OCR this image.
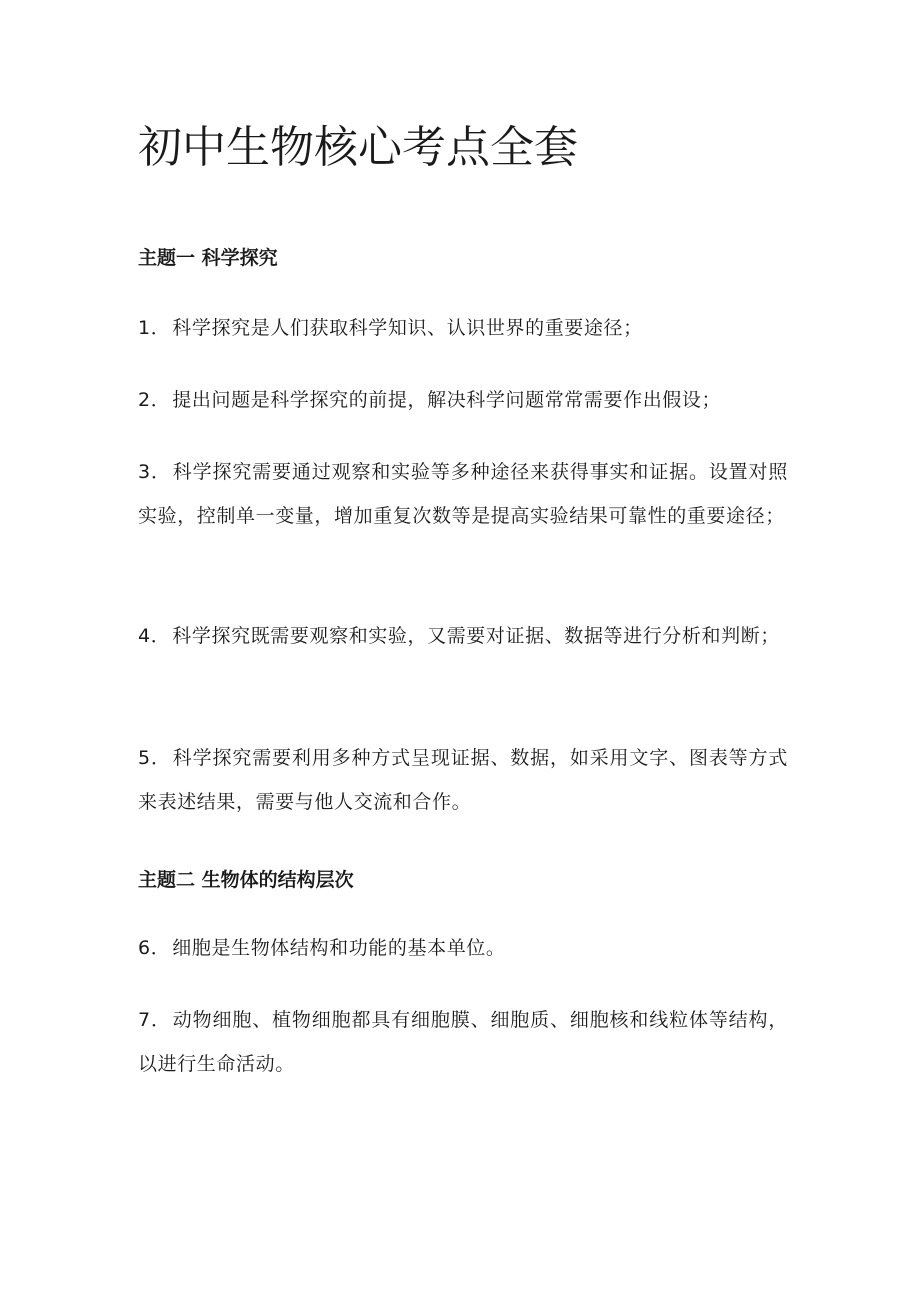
初中生物核心考点全套
主题一 科学探究

1． 科学探究是人们获取科学知识、认识世界的重要途径；

2． 提出问题是科学探究的前提，解决科学问题常常需要作出假设；

3． 科学探究需要通过观察和实验等多种途径来获得事实和证据。设置对照实验，控制单一变量，增加重复次数等是提高实验结果可靠性的重要途径；

4． 科学探究既需要观察和实验，又需要对证据、数据等进行分析和判断；

5． 科学探究需要利用多种方式呈现证据、数据，如采用文字、图表等方式来表述结果，需要与他人交流和合作。

主题二 生物体的结构层次

6． 细胞是生物体结构和功能的基本单位。

7． 动物细胞、植物细胞都具有细胞膜、细胞质、细胞核和线粒体等结构，以进行生命活动。
